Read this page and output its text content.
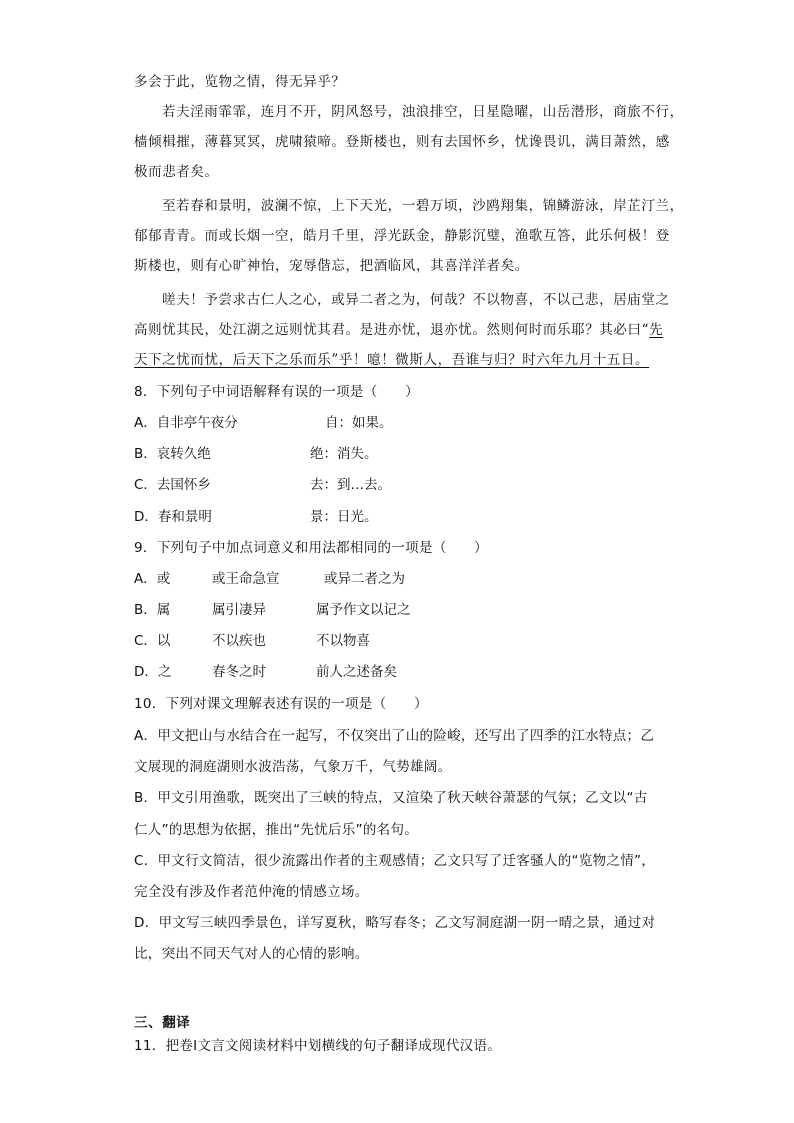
多会于此，览物之情，得无异乎？
若夫淫雨霏霏，连月不开，阴风怒号，浊浪排空，日星隐曜，山岳潜形，商旅不行，
樯倾楫摧，薄暮冥冥，虎啸猿啼。登斯楼也，则有去国怀乡，忧谗畏讥，满目萧然，感
极而悲者矣。
至若春和景明，波澜不惊，上下天光，一碧万顷，沙鸥翔集，锦鳞游泳，岸芷汀兰，
郁郁青青。而或长烟一空，皓月千里，浮光跃金，静影沉璧，渔歌互答，此乐何极！登
斯楼也，则有心旷神怡，宠辱偕忘，把酒临风，其喜洋洋者矣。
嗟夫！予尝求古仁人之心，或异二者之为，何哉？不以物喜，不以己悲，居庙堂之
高则忧其民，处江湖之远则忧其君。是进亦忧，退亦忧。然则何时而乐耶？其必曰“先
天下之忧而忧，后天下之乐而乐”乎！噫！微斯人，吾谁与归？时六年九月十五日。
8．下列句子中词语解释有误的一项是（　　）
A．自非亭午夜分	自：如果。
B．哀转久绝	绝：消失。
C．去国怀乡	去：到…去。
D．春和景明	景：日光。
9．下列句子中加点词意义和用法都相同的一项是（　　）
A．或	或王命急宣	或异二者之为
B．属	属引凄异	属予作文以记之
C．以	不以疾也	不以物喜
D．之	春冬之时	前人之述备矣
10．下列对课文理解表述有误的一项是（　　）
A．甲文把山与水结合在一起写，不仅突出了山的险峻，还写出了四季的江水特点；乙
文展现的洞庭湖则水波浩荡，气象万千，气势雄阔。
B．甲文引用渔歌，既突出了三峡的特点，又渲染了秋天峡谷萧瑟的气氛；乙文以“古
仁人”的思想为依据，推出“先忧后乐”的名句。
C．甲文行文简洁，很少流露出作者的主观感情；乙文只写了迁客骚人的“览物之情”，
完全没有涉及作者范仲淹的情感立场。
D．甲文写三峡四季景色，详写夏秋，略写春冬；乙文写洞庭湖一阴一晴之景，通过对
比，突出不同天气对人的心情的影响。
三、翻译
11．把卷Ⅰ文言文阅读材料中划横线的句子翻译成现代汉语。
